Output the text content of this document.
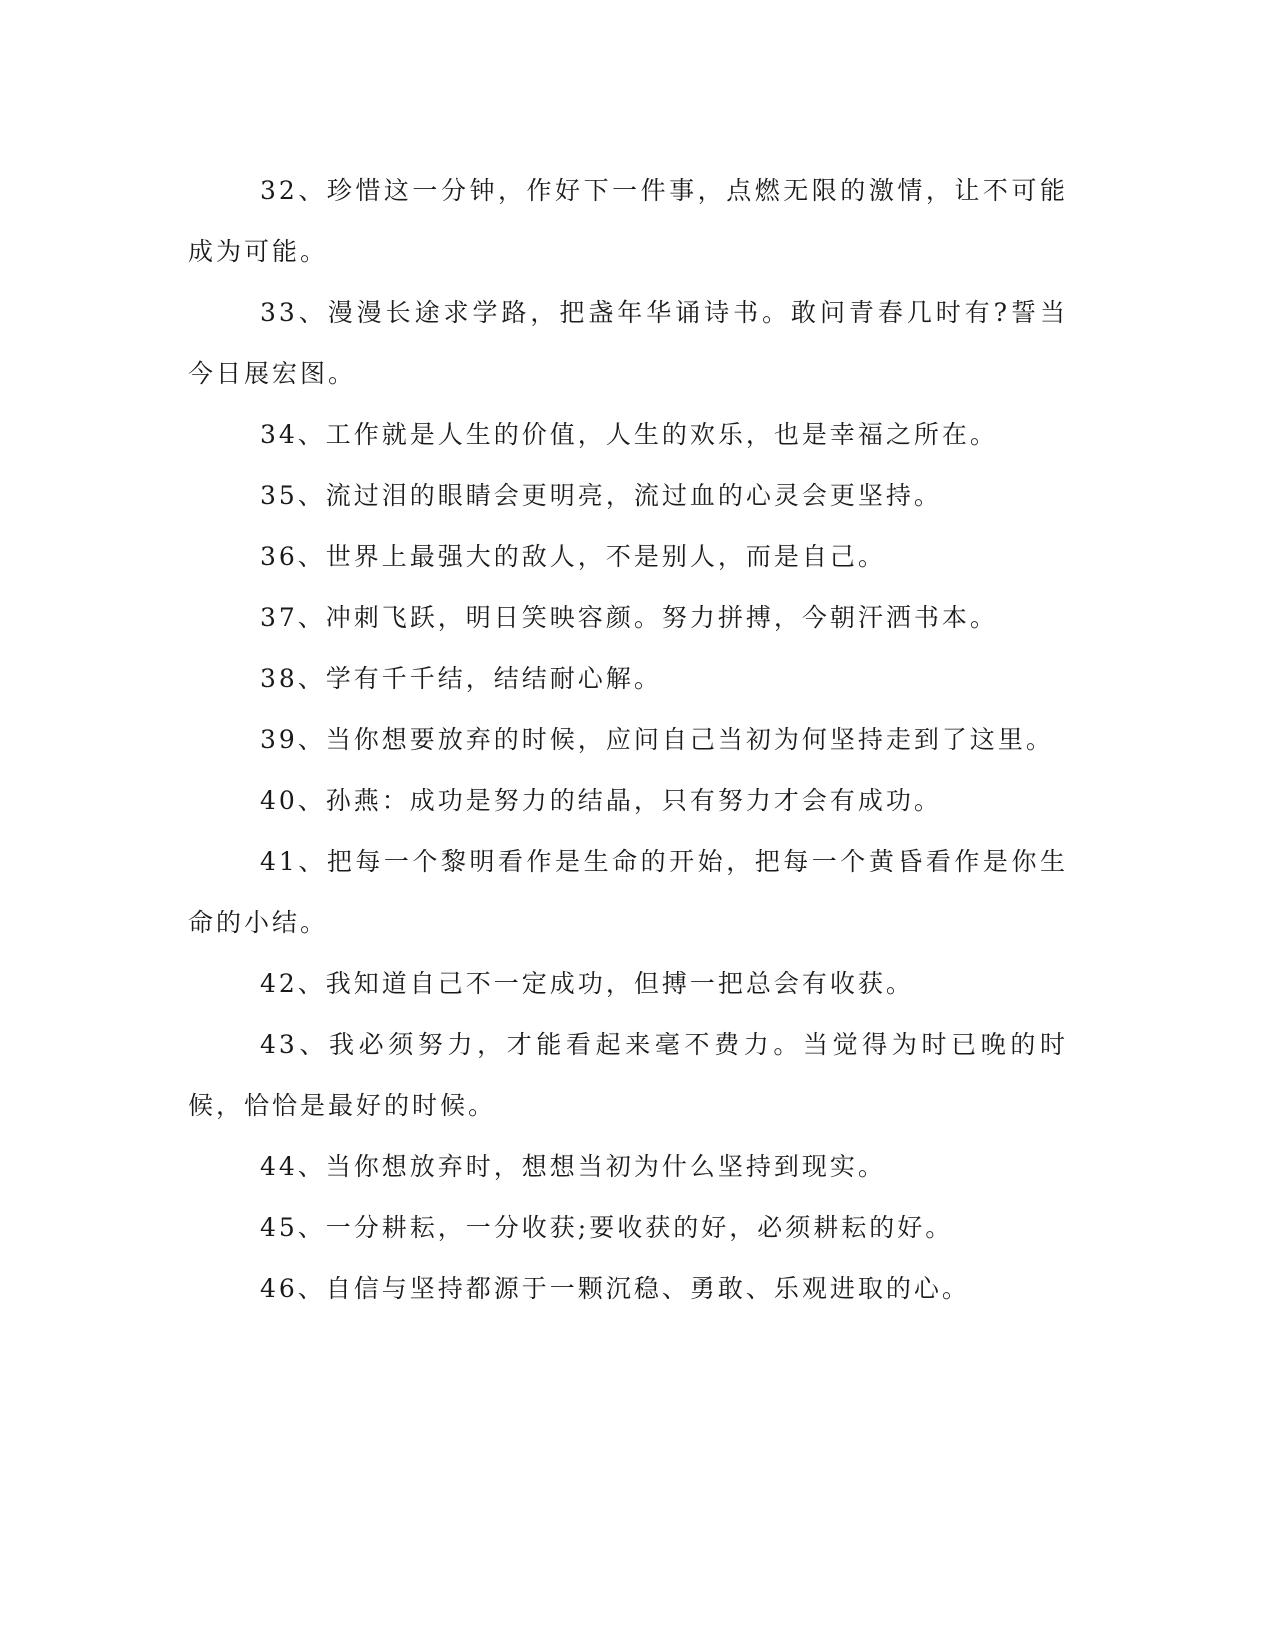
32、珍惜这一分钟，作好下一件事，点燃无限的激情，让不可能成为可能。

33、漫漫长途求学路，把盏年华诵诗书。敢问青春几时有?誓当今日展宏图。

34、工作就是人生的价值，人生的欢乐，也是幸福之所在。

35、流过泪的眼睛会更明亮，流过血的心灵会更坚持。

36、世界上最强大的敌人，不是别人，而是自己。

37、冲刺飞跃，明日笑映容颜。努力拼搏，今朝汗洒书本。

38、学有千千结，结结耐心解。

39、当你想要放弃的时候，应问自己当初为何坚持走到了这里。

40、孙燕：成功是努力的结晶，只有努力才会有成功。

41、把每一个黎明看作是生命的开始，把每一个黄昏看作是你生命的小结。

42、我知道自己不一定成功，但搏一把总会有收获。

43、我必须努力，才能看起来毫不费力。当觉得为时已晚的时候，恰恰是最好的时候。

44、当你想放弃时，想想当初为什么坚持到现实。

45、一分耕耘，一分收获;要收获的好，必须耕耘的好。

46、自信与坚持都源于一颗沉稳、勇敢、乐观进取的心。
